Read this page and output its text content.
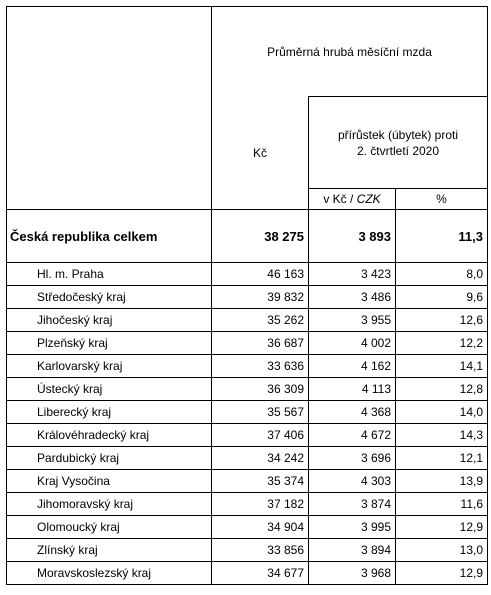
	Průměrná hrubá měsíční mzda		
	Kč	přírůstek (úbytek) proti
2. čtvrtletí 2020	

		v Kč / CZK	%
Česká republika celkem	38 275	3 893	11,3
Hl. m. Praha	46 163	3 423	8,0
Středočeský kraj	39 832	3 486	9,6
Jihočeský kraj	35 262	3 955	12,6
Plzeňský kraj	36 687	4 002	12,2
Karlovarský kraj	33 636	4 162	14,1
Ústecký kraj	36 309	4 113	12,8
Liberecký kraj	35 567	4 368	14,0
Královéhradecký kraj	37 406	4 672	14,3
Pardubický kraj	34 242	3 696	12,1
Kraj Vysočina	35 374	4 303	13,9
Jihomoravský kraj	37 182	3 874	11,6
Olomoucký kraj	34 904	3 995	12,9
Zlínský kraj	33 856	3 894	13,0
Moravskoslezský kraj	34 677	3 968	12,9
